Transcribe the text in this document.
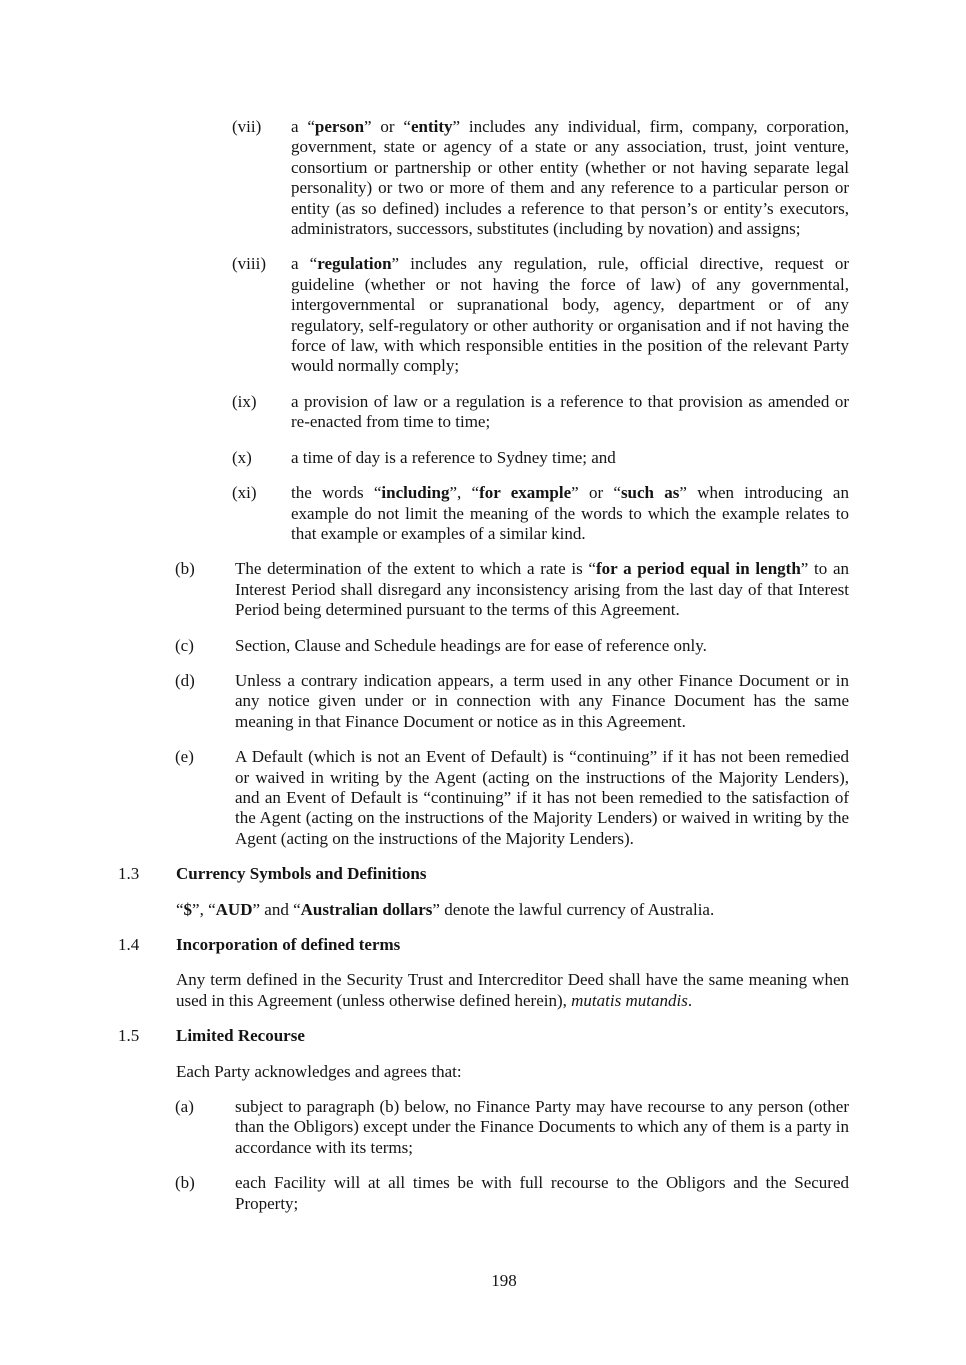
(vii)	a “person” or “entity” includes any individual, firm, company, corporation, government, state or agency of a state or any association, trust, joint venture, consortium or partnership or other entity (whether or not having separate legal personality) or two or more of them and any reference to a particular person or entity (as so defined) includes a reference to that person’s or entity’s executors, administrators, successors, substitutes (including by novation) and assigns;

(viii)	a “regulation” includes any regulation, rule, official directive, request or guideline (whether or not having the force of law) of any governmental, intergovernmental or supranational body, agency, department or of any regulatory, self-regulatory or other authority or organisation and if not having the force of law, with which responsible entities in the position of the relevant Party would normally comply;

(ix)	a provision of law or a regulation is a reference to that provision as amended or re-enacted from time to time;

(x)	a time of day is a reference to Sydney time; and

(xi)	the words “including”, “for example” or “such as” when introducing an example do not limit the meaning of the words to which the example relates to that example or examples of a similar kind.

(b)	The determination of the extent to which a rate is “for a period equal in length” to an Interest Period shall disregard any inconsistency arising from the last day of that Interest Period being determined pursuant to the terms of this Agreement.

(c)	Section, Clause and Schedule headings are for ease of reference only.

(d)	Unless a contrary indication appears, a term used in any other Finance Document or in any notice given under or in connection with any Finance Document has the same meaning in that Finance Document or notice as in this Agreement.

(e)	A Default (which is not an Event of Default) is “continuing” if it has not been remedied or waived in writing by the Agent (acting on the instructions of the Majority Lenders), and an Event of Default is “continuing” if it has not been remedied to the satisfaction of the Agent (acting on the instructions of the Majority Lenders) or waived in writing by the Agent (acting on the instructions of the Majority Lenders).

1.3	Currency Symbols and Definitions

“$”, “AUD” and “Australian dollars” denote the lawful currency of Australia.

1.4	Incorporation of defined terms

Any term defined in the Security Trust and Intercreditor Deed shall have the same meaning when used in this Agreement (unless otherwise defined herein), mutatis mutandis.

1.5	Limited Recourse

Each Party acknowledges and agrees that:

(a)	subject to paragraph (b) below, no Finance Party may have recourse to any person (other than the Obligors) except under the Finance Documents to which any of them is a party in accordance with its terms;

(b)	each Facility will at all times be with full recourse to the Obligors and the Secured Property;

198
